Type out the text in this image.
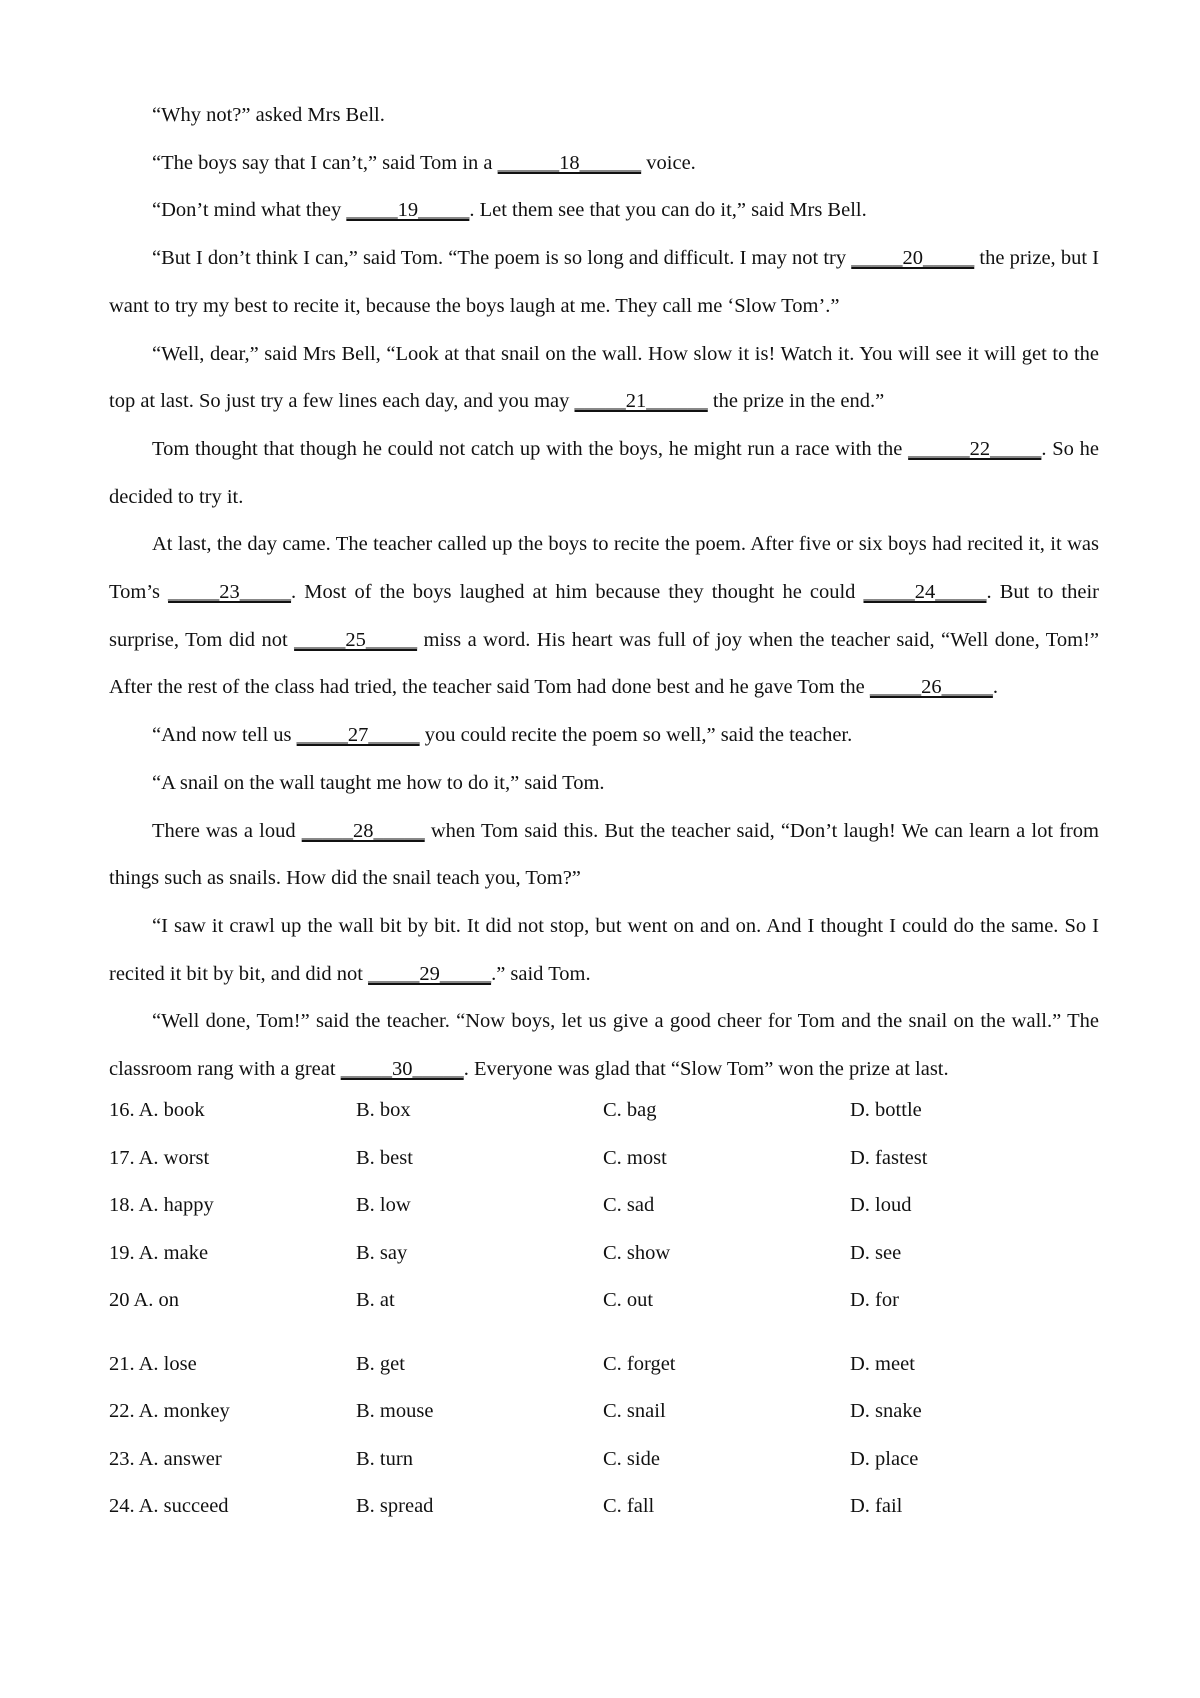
“Why not?” asked Mrs Bell.

“The boys say that I can’t,” said Tom in a ______18______ voice.

“Don’t mind what they _____19_____. Let them see that you can do it,” said Mrs Bell.

“But I don’t think I can,” said Tom. “The poem is so long and difficult. I may not try _____20_____ the prize, but I want to try my best to recite it, because the boys laugh at me. They call me ‘Slow Tom’.”

“Well, dear,” said Mrs Bell, “Look at that snail on the wall. How slow it is! Watch it. You will see it will get to the top at last. So just try a few lines each day, and you may _____21______ the prize in the end.”

Tom thought that though he could not catch up with the boys, he might run a race with the ______22_____. So he decided to try it.

At last, the day came. The teacher called up the boys to recite the poem. After five or six boys had recited it, it was Tom’s _____23_____. Most of the boys laughed at him because they thought he could _____24_____. But to their surprise, Tom did not _____25_____ miss a word. His heart was full of joy when the teacher said, “Well done, Tom!” After the rest of the class had tried, the teacher said Tom had done best and he gave Tom the _____26_____.

“And now tell us _____27_____ you could recite the poem so well,” said the teacher.

“A snail on the wall taught me how to do it,” said Tom.

There was a loud _____28_____ when Tom said this. But the teacher said, “Don’t laugh! We can learn a lot from things such as snails. How did the snail teach you, Tom?”

“I saw it crawl up the wall bit by bit. It did not stop, but went on and on. And I thought I could do the same. So I recited it bit by bit, and did not _____29_____.” said Tom.

“Well done, Tom!” said the teacher. “Now boys, let us give a good cheer for Tom and the snail on the wall.” The classroom rang with a great _____30_____. Everyone was glad that “Slow Tom” won the prize at last.

16. A. book	B. box	C. bag	D. bottle
17. A. worst	B. best	C. most	D. fastest
18. A. happy	B. low	C. sad	D. loud
19. A. make	B. say	C. show	D. see
20 A. on	B. at	C. out	D. for
21. A. lose	B. get	C. forget	D. meet
22. A. monkey	B. mouse	C. snail	D. snake
23. A. answer	B. turn	C. side	D. place
24. A. succeed	B. spread	C. fall	D. fail
